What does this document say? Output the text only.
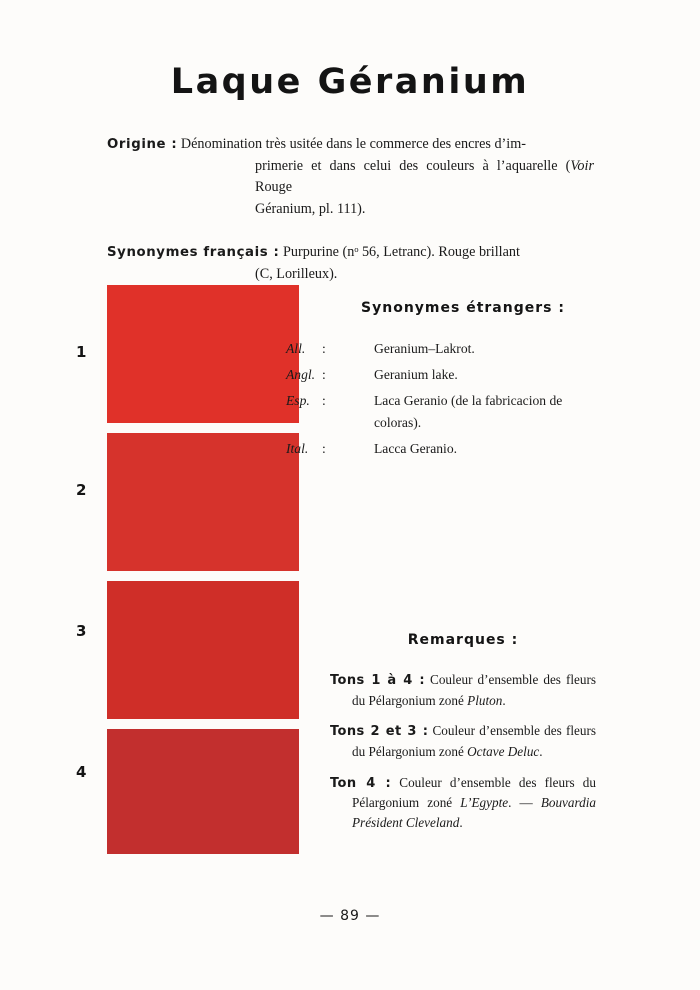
Laque Géranium
Origine : Dénomination très usitée dans le commerce des encres d’im-
primerie et dans celui des couleurs à l’aquarelle (Voir Rouge
Géranium, pl. 111).
Synonymes français : Purpurine (nᵒ 56, Letranc). Rouge brillant
(C, Lorilleux).
1
2
3
4
Synonymes étrangers :
All. :	Geranium–Lakrot.
Angl. :	Geranium lake.
Esp. :	Laca Geranio (de la fabricacion de coloras).
Ital. :	Lacca Geranio.
Remarques :
Tons 1 à 4 : Couleur d’ensemble des fleurs du Pélargonium zoné Pluton.
Tons 2 et 3 : Couleur d’ensemble des fleurs du Pélargonium zoné Octave Deluc.
Ton 4 : Couleur d’ensemble des fleurs du Pélargonium zoné L’Egypte. — Bouvardia Président Cleveland.
— 89 —
